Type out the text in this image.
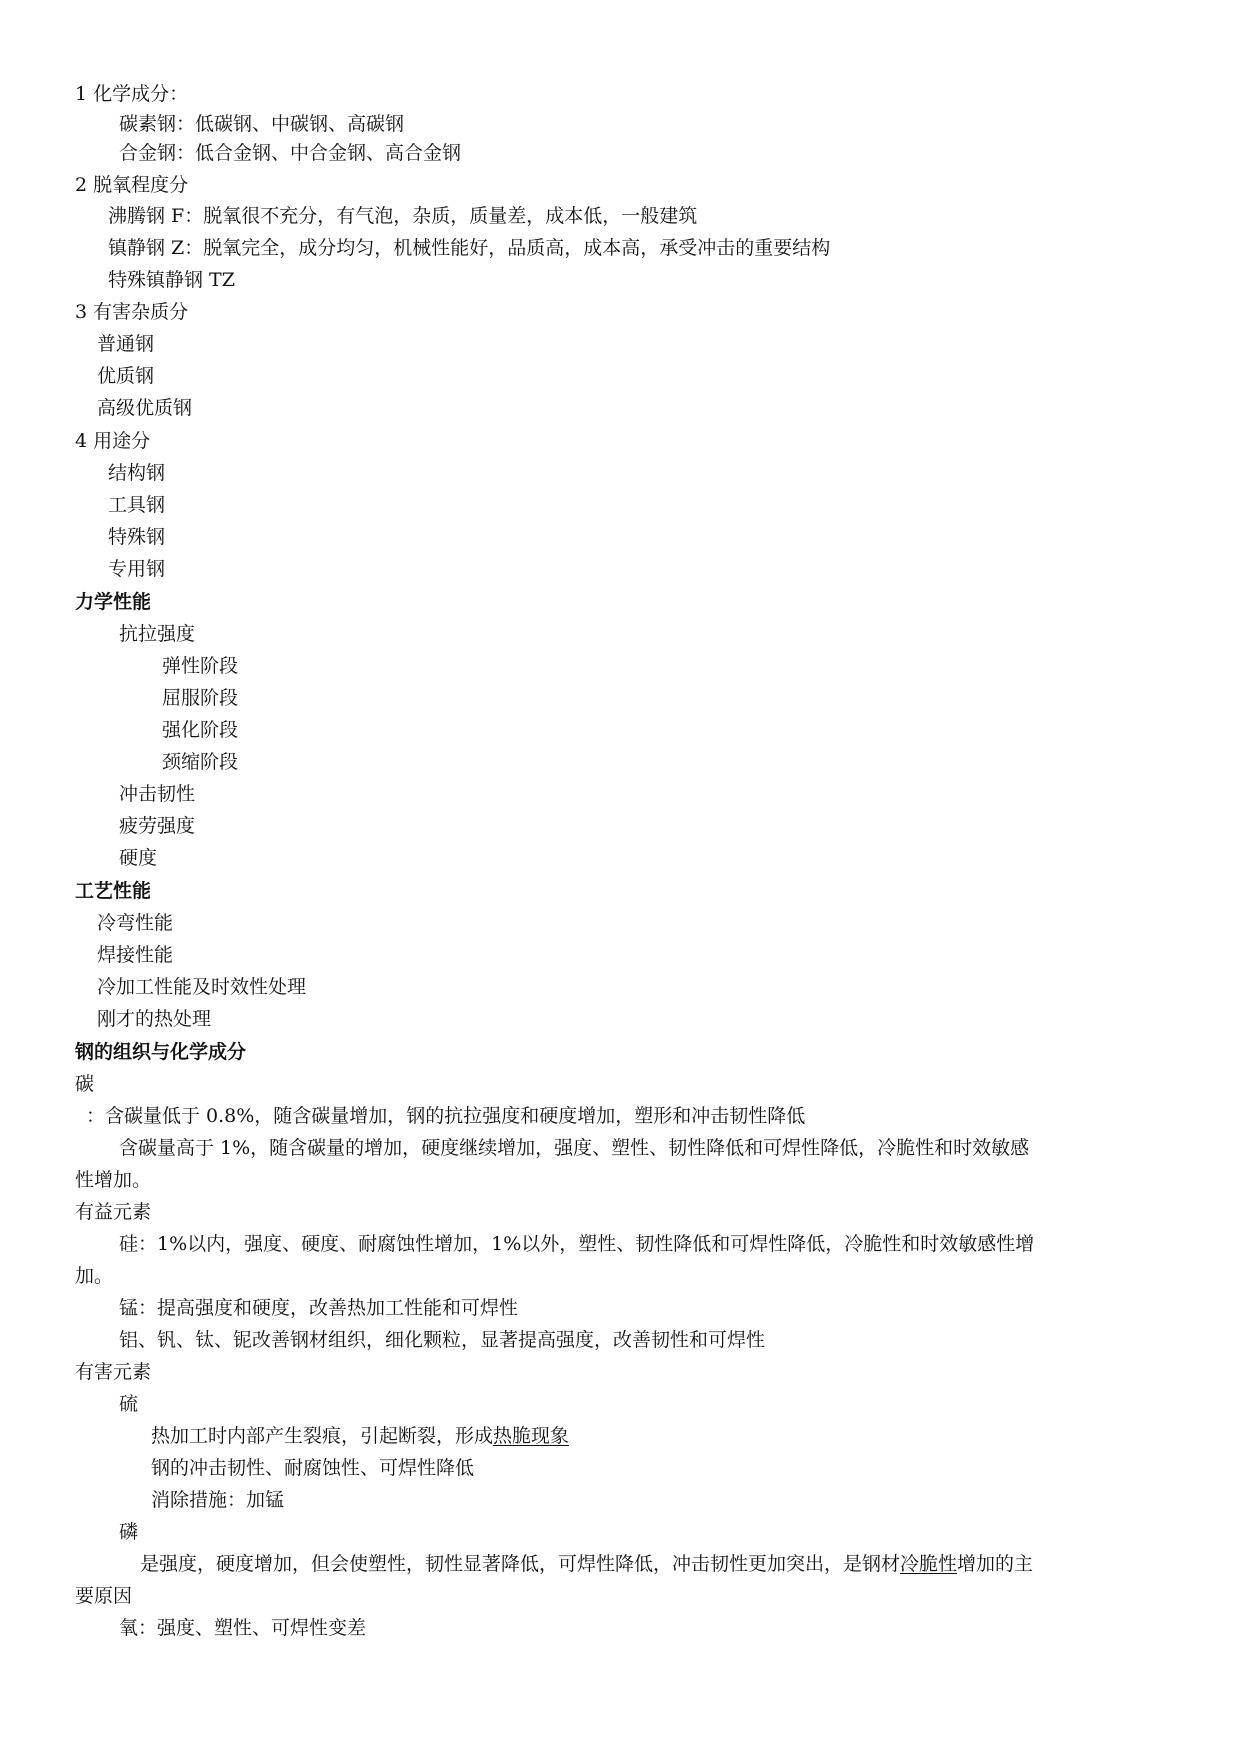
1 化学成分：
碳素钢：低碳钢、中碳钢、高碳钢
合金钢：低合金钢、中合金钢、高合金钢
2 脱氧程度分
沸腾钢 F：脱氧很不充分，有气泡，杂质，质量差，成本低，一般建筑
镇静钢 Z：脱氧完全，成分均匀，机械性能好，品质高，成本高，承受冲击的重要结构
特殊镇静钢 TZ
3 有害杂质分
普通钢
优质钢
高级优质钢
4 用途分
结构钢
工具钢
特殊钢
专用钢
力学性能
抗拉强度
弹性阶段
屈服阶段
强化阶段
颈缩阶段
冲击韧性
疲劳强度
硬度
工艺性能
冷弯性能
焊接性能
冷加工性能及时效性处理
刚才的热处理
钢的组织与化学成分
碳
：含碳量低于 0.8%，随含碳量增加，钢的抗拉强度和硬度增加，塑形和冲击韧性降低
含碳量高于 1%，随含碳量的增加，硬度继续增加，强度、塑性、韧性降低和可焊性降低，冷脆性和时效敏感
性增加。
有益元素
硅：1%以内，强度、硬度、耐腐蚀性增加，1%以外，塑性、韧性降低和可焊性降低，冷脆性和时效敏感性增
加。
锰：提高强度和硬度，改善热加工性能和可焊性
铝、钒、钛、铌改善钢材组织，细化颗粒，显著提高强度，改善韧性和可焊性
有害元素
硫
热加工时内部产生裂痕，引起断裂，形成热脆现象
钢的冲击韧性、耐腐蚀性、可焊性降低
消除措施：加锰
磷
是强度，硬度增加，但会使塑性，韧性显著降低，可焊性降低，冲击韧性更加突出，是钢材冷脆性增加的主
要原因
氧：强度、塑性、可焊性变差
